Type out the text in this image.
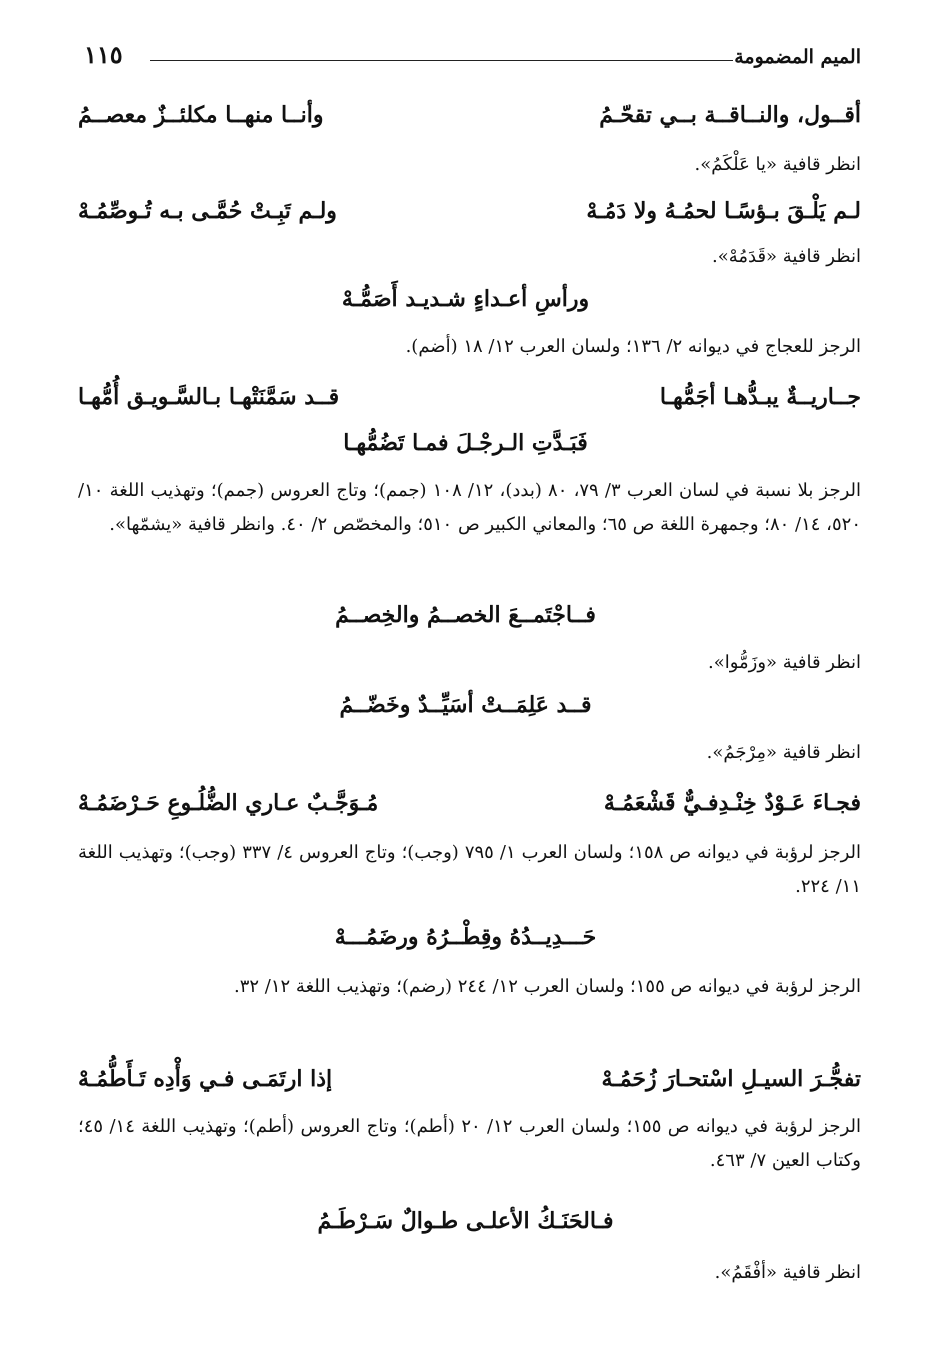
الميم المضمومة
١١٥
أقــول، والنــاقــة بــي تقحّـمُ
وأنــا منهــا مكلئــزٌ معصــمُ
انظر قافية «يا عَلْكَمُ».
لـم يَلْـقَ بـؤسًـا لحمُـهُ ولا دَمُـهْ
ولـم تَبِـتْ حُمَّـى بـه تُـوصِّمُـهْ
انظر قافية «قَدَمُهْ».
ورأسِ أعـداءٍ شـديـد أَصَمُّـهْ
الرجز للعجاج في ديوانه ٢/ ١٣٦؛ ولسان العرب ١٢/ ١٨ (أضم).
جــاريــةٌ يبـدُّهـا أجَمُّهـا
قــد سَمَّنَتْهـا بـالسَّـويـق أُمُّهـا
فَبَـدَّتِ الـرجْـلَ فمـا تَضُمُّهـا
الرجز بلا نسبة في لسان العرب ٣/ ٧٩، ٨٠ (بدد)، ١٢/ ١٠٨ (جمم)؛ وتاج العروس (جمم)؛ وتهذيب اللغة ١٠/ ٥٢٠، ١٤/ ٨٠؛ وجمهرة اللغة ص ٦٥؛ والمعاني الكبير ص ٥١٠؛ والمخصّص ٢/ ٤٠. وانظر قافية «يشمّها».
فــاجْتَمــعَ الخصــمُ والخِصــمُ
انظر قافية «وزَمُّوا».
قــد عَلِمَــتْ أسَيِّــدٌ وخَضّــمُ
انظر قافية «مِرْجَمُ».
فجـاءَ عَـوْدٌ خِنْـدِفـيٌّ قَشْعَمُـهْ
مُـوَجَّـبٌ عـاري الضُّلُـوعِ حَـرْضَمُـهْ
الرجز لرؤبة في ديوانه ص ١٥٨؛ ولسان العرب ١/ ٧٩٥ (وجب)؛ وتاج العروس ٤/ ٣٣٧ (وجب)؛ وتهذيب اللغة ١١/ ٢٢٤.
حَـــدِيــدُهُ وقِطْــرُهُ ورضَمُـــهْ
الرجز لرؤبة في ديوانه ص ١٥٥؛ ولسان العرب ١٢/ ٢٤٤ (رضم)؛ وتهذيب اللغة ١٢/ ٣٢.
تفجُّـرَ السيـلِ اسْتحـارَ زُحَمُـهْ
إذا ارتَمَـى فـي وَأْدِه تَـأَطُّمُـهْ
الرجز لرؤبة في ديوانه ص ١٥٥؛ ولسان العرب ١٢/ ٢٠ (أطم)؛ وتاج العروس (أطم)؛ وتهذيب اللغة ١٤/ ٤٥؛ وكتاب العين ٧/ ٤٦٣.
فـالحَنَـكُ الأعلـى طـوالٌ سَـرْطَـمُ
انظر قافية «أفْقَمُ».
